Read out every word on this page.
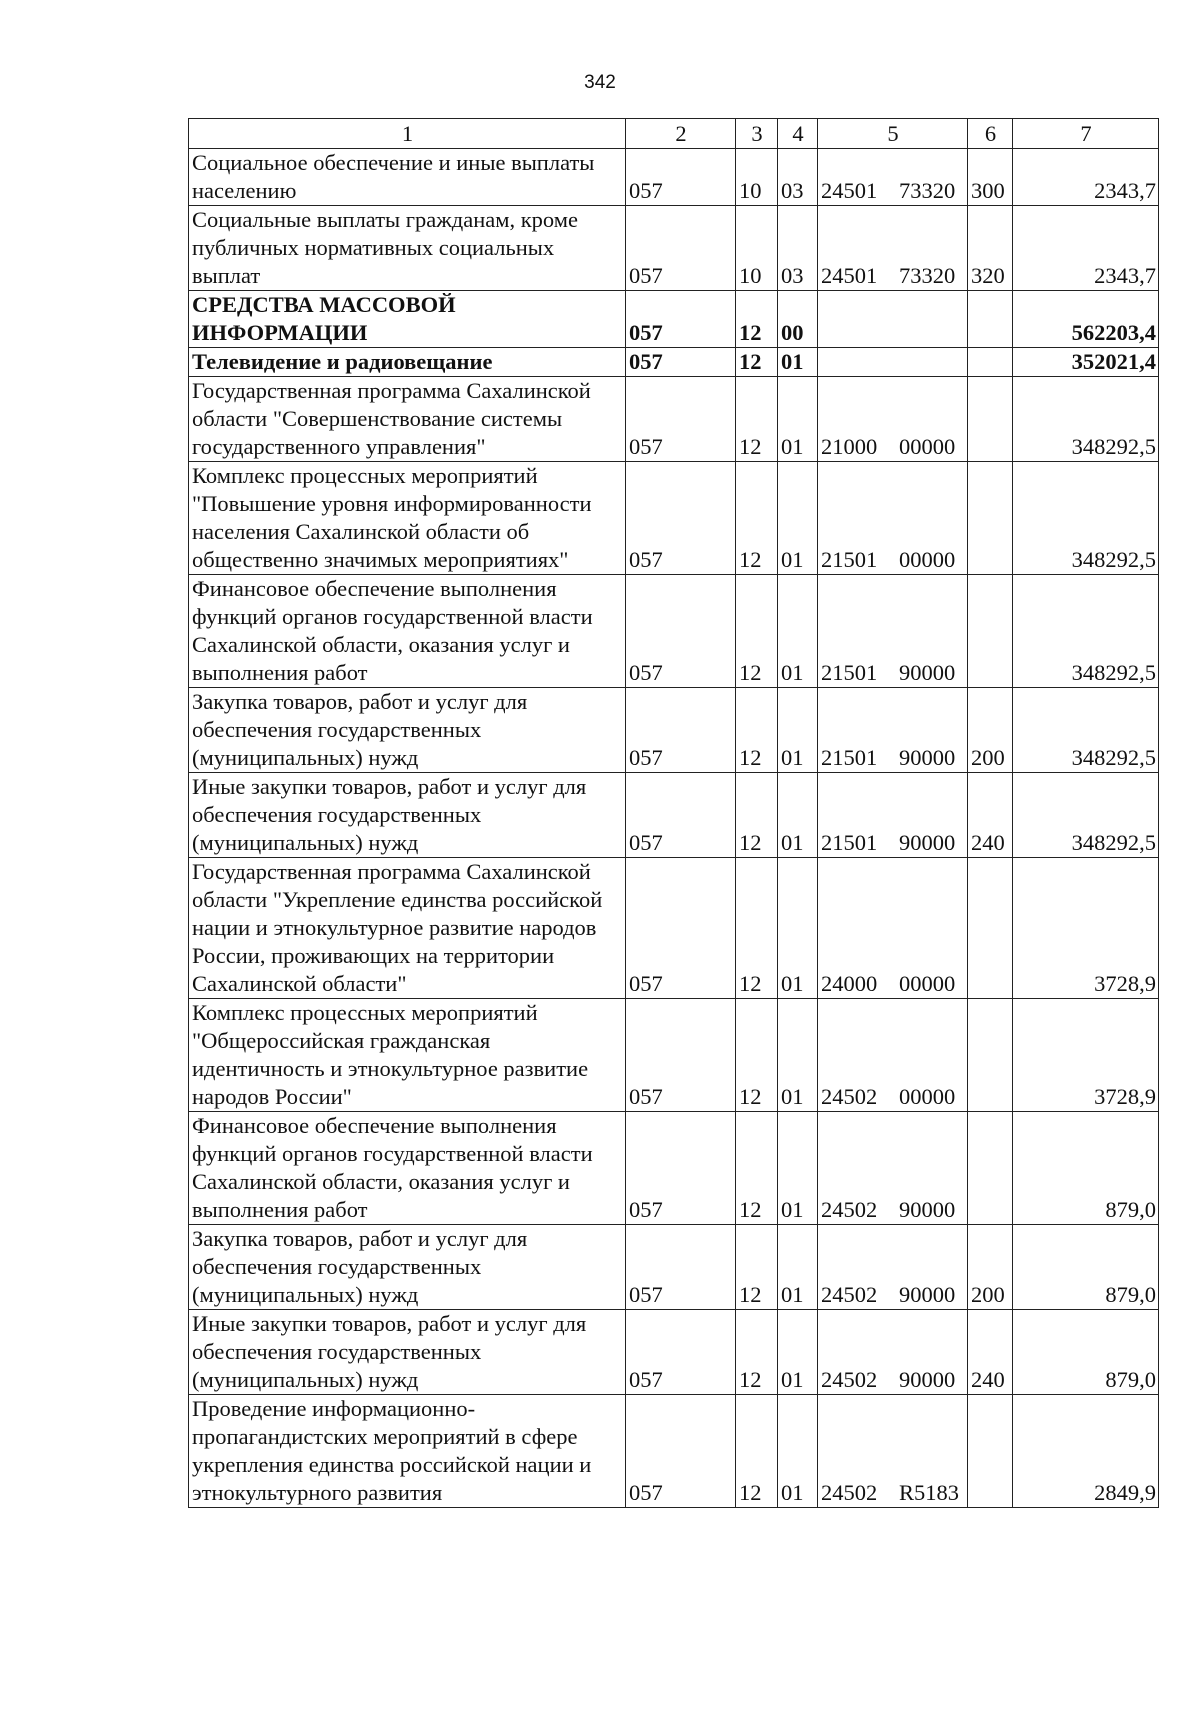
342
1	2	3	4	5	6	7
Социальное обеспечение и иные выплаты населению	057	10	03	24501 73320	300	2343,7
Социальные выплаты гражданам, кроме публичных нормативных социальных выплат	057	10	03	24501 73320	320	2343,7
СРЕДСТВА МАССОВОЙ ИНФОРМАЦИИ	057	12	00			562203,4
Телевидение и радиовещание	057	12	01			352021,4
Государственная программа Сахалинской области "Совершенствование системы государственного управления"	057	12	01	21000 00000		348292,5
Комплекс процессных мероприятий "Повышение уровня информированности населения Сахалинской области об общественно значимых мероприятиях"	057	12	01	21501 00000		348292,5
Финансовое обеспечение выполнения функций органов государственной власти Сахалинской области, оказания услуг и выполнения работ	057	12	01	21501 90000		348292,5
Закупка товаров, работ и услуг для обеспечения государственных (муниципальных) нужд	057	12	01	21501 90000	200	348292,5
Иные закупки товаров, работ и услуг для обеспечения государственных (муниципальных) нужд	057	12	01	21501 90000	240	348292,5
Государственная программа Сахалинской области "Укрепление единства российской нации и этнокультурное развитие народов России, проживающих на территории Сахалинской области"	057	12	01	24000 00000		3728,9
Комплекс процессных мероприятий "Общероссийская гражданская идентичность и этнокультурное развитие народов России"	057	12	01	24502 00000		3728,9
Финансовое обеспечение выполнения функций органов государственной власти Сахалинской области, оказания услуг и выполнения работ	057	12	01	24502 90000		879,0
Закупка товаров, работ и услуг для обеспечения государственных (муниципальных) нужд	057	12	01	24502 90000	200	879,0
Иные закупки товаров, работ и услуг для обеспечения государственных (муниципальных) нужд	057	12	01	24502 90000	240	879,0
Проведение информационно-пропагандистских мероприятий в сфере укрепления единства российской нации и этнокультурного развития	057	12	01	24502 R5183		2849,9
